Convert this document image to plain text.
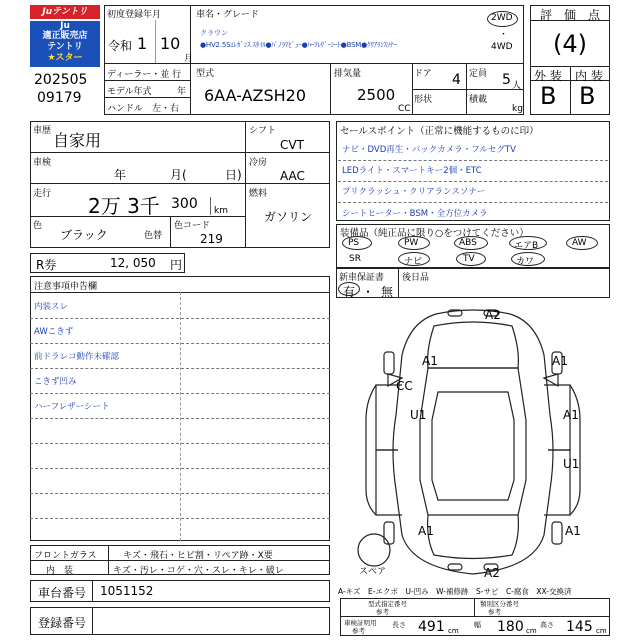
Juテントリ
Ju
適正販売店
テントリ
★スター
初度登録年月
令和 1 10
月
車名・グレード
クラウン
●HV2.5Sｴﾚｶﾞﾝｽ ｽﾀｲﾙ●ﾊﾟﾉﾗﾏﾋﾞｭｰ●ﾊｰﾌﾚｻﾞｰｼｰﾄ●BSM●ｸﾘｱﾗﾝｽｿﾅｰ
2WD
・
4WD
202505
09179
ディーラー・並 行
モデル年式	年
ハンドル　左・右
型式
6AA-AZSH20
排気量
2500
CC
ドア 4 定員 5 人
形状	積載
kg
評　価　点
(4)
外 装 内 装
B B
車歴 自家用
車検
年	月(	日)
走行 2万 3千 300 km
色
ブラック	色替
色コード
219
シフト
CVT
冷房
AAC
燃料
ガソリン
R券	12, 050 円
セールスポイント（正常に機能するものに印）
ナビ・DVD再生・バックカメラ・フルセグTV
LEDライト・スマートキー2個・ETC
プリクラッシュ・クリアランスソナー
シートヒーター・BSM・全方位カメラ
装備品（純正品に限り○をつけてください）
PS	PW	ABS	エアB	AW
SR	ナビ	TV	カワ
新車保証書
有 ・ 無
後日品
注意事項申告欄
内装スレ
AWこきず
前ドラレコ動作未確認
こきず凹み
ハーフレザーシート
A2
A1	A1
CC
U1	A1
U1
A1	A1
A2
スペア
A-キズ　E-エクボ　U-凹み　W-補修跡　S-サビ　C-腐食　XX-交換済
フロントガラス	キズ・飛石・ヒビ割・リペア跡・X要
内　装	キズ・汚レ・コゲ・穴・スレ・キレ・破レ
車台番号 1051152
登録番号
型式指定番号
参考
類別区分番号
参考
車検証明用
参考
長さ 491 cm
幅 180 cm
高さ 145 cm
